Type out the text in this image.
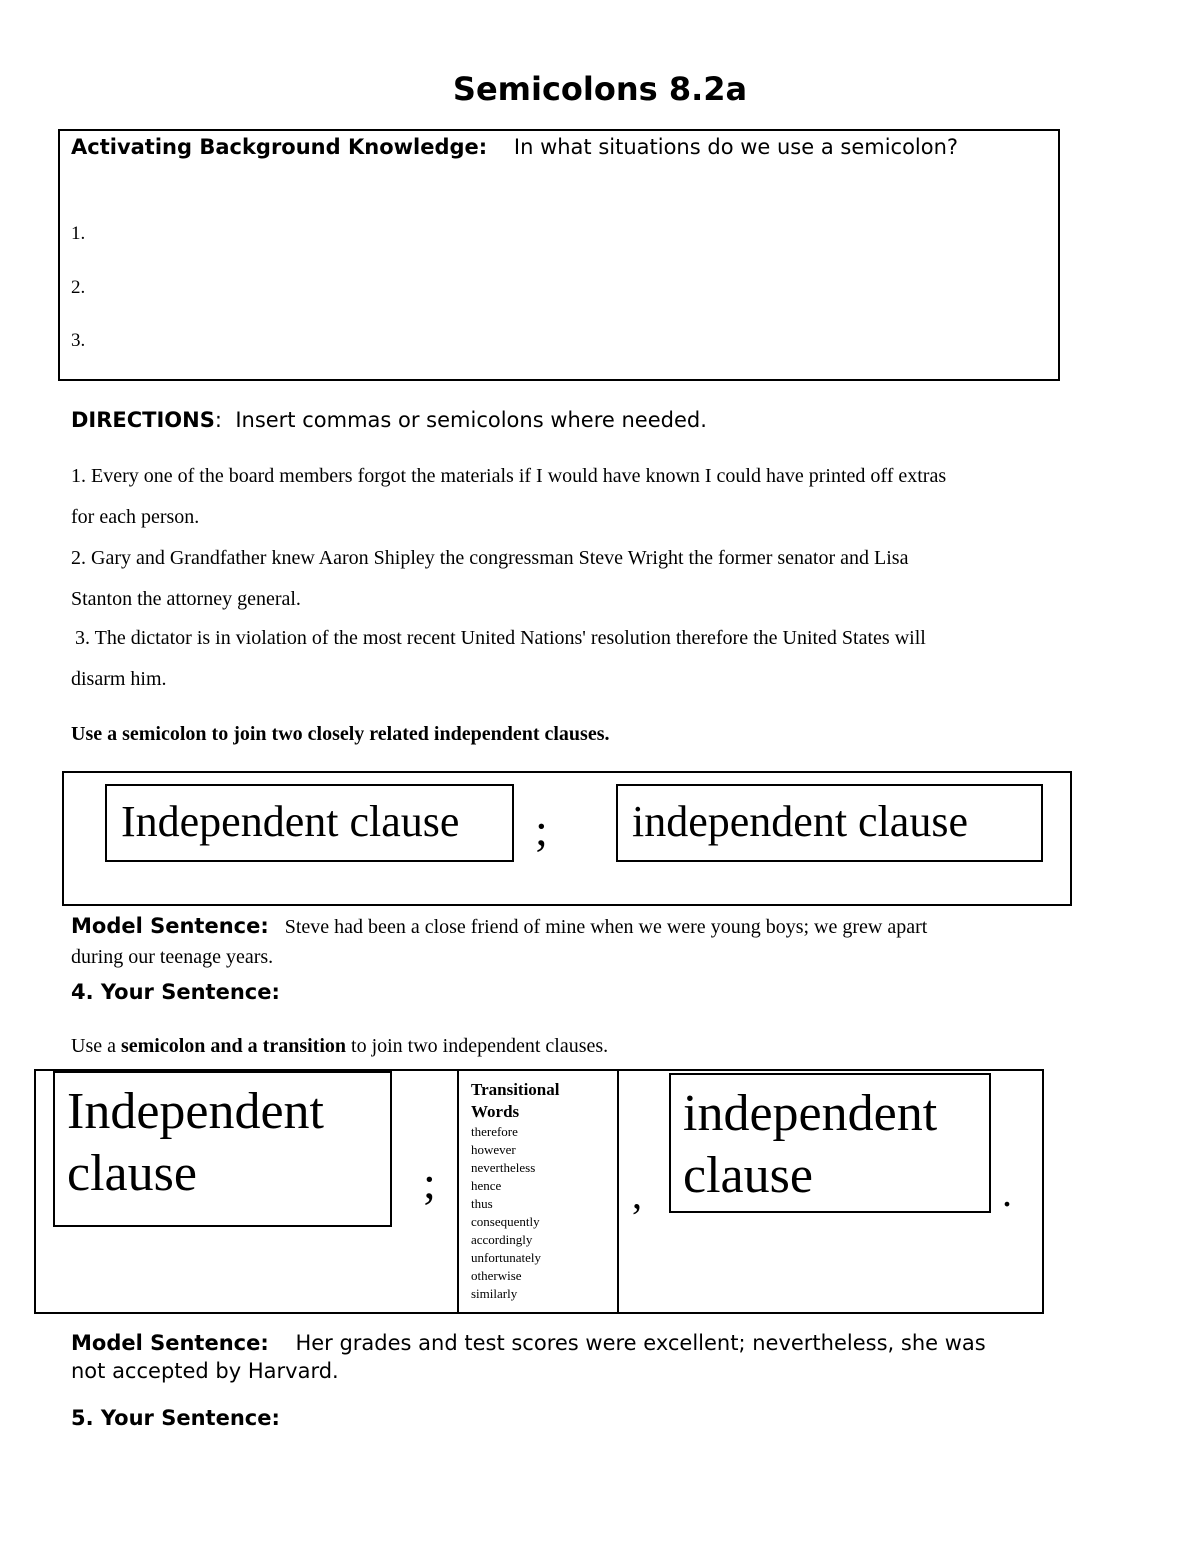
Semicolons 8.2a
Activating Background Knowledge: In what situations do we use a semicolon?
1.
2.
3.
DIRECTIONS: Insert commas or semicolons where needed.
1. Every one of the board members forgot the materials if I would have known I could have printed off extras
for each person.
2. Gary and Grandfather knew Aaron Shipley the congressman Steve Wright the former senator and Lisa
Stanton the attorney general.
3. The dictator is in violation of the most recent United Nations' resolution therefore the United States will
disarm him.
Use a semicolon to join two closely related independent clauses.
Independent clause ; independent clause
Model Sentence: Steve had been a close friend of mine when we were young boys; we grew apart
during our teenage years.
4. Your Sentence:
Use a semicolon and a transition to join two independent clauses.
Independent
clause	;
Transitional
Words
therefore
however
nevertheless
hence
thus
consequently
accordingly
unfortunately
otherwise
similarly
,
independent
clause	.
Model Sentence: Her grades and test scores were excellent; nevertheless, she was
not accepted by Harvard.
5. Your Sentence:
